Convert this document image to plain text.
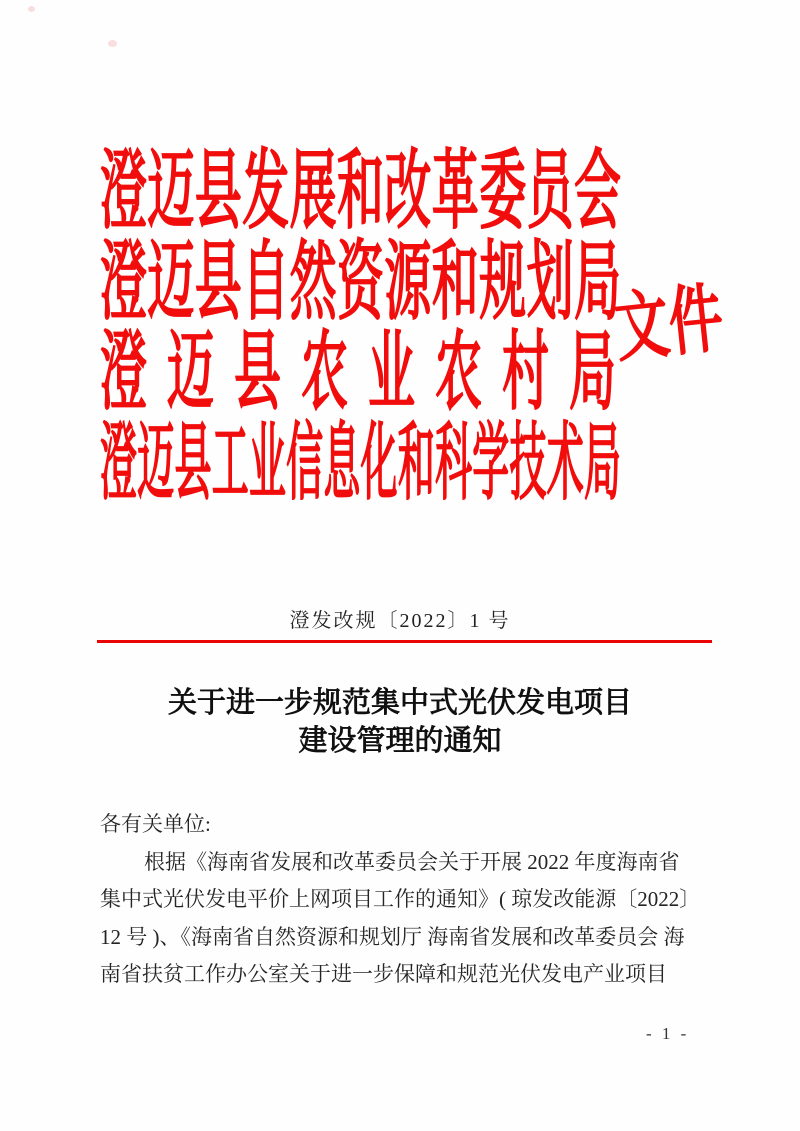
澄迈县发展和改革委员会
澄迈县自然资源和规划局
澄迈县农业农村局
澄迈县工业信息化和科学技术局
文件
澄发改规〔2022〕1 号
关于进一步规范集中式光伏发电项目
建设管理的通知

各有关单位:

根据《海南省发展和改革委员会关于开展 2022 年度海南省

集中式光伏发电平价上网项目工作的通知》( 琼发改能源〔2022〕

12 号 )、《海南省自然资源和规划厅 海南省发展和改革委员会 海

南省扶贫工作办公室关于进一步保障和规范光伏发电产业项目

- 1 -
